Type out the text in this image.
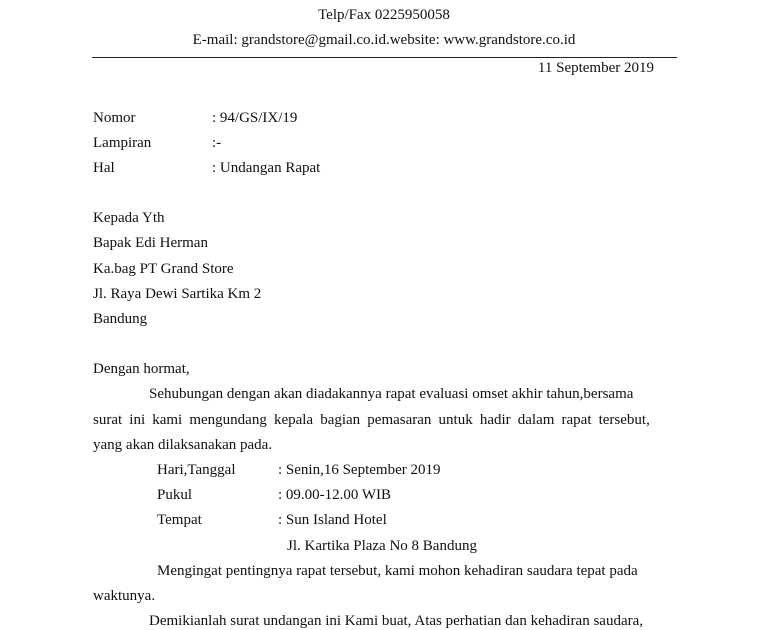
Telp/Fax 0225950058
E-mail: grandstore@gmail.co.id.website: www.grandstore.co.id
11 September 2019
Nomor	: 94/GS/IX/19
Lampiran	:-
Hal	: Undangan Rapat
Kepada Yth
Bapak Edi Herman
Ka.bag PT Grand Store
Jl. Raya Dewi Sartika Km 2
Bandung
Dengan hormat,
Sehubungan dengan akan diadakannya rapat evaluasi omset akhir tahun,bersama
surat ini kami mengundang kepala bagian pemasaran untuk hadir dalam rapat tersebut,
yang akan dilaksanakan pada.
Hari,Tanggal	: Senin,16 September 2019
Pukul	: 09.00-12.00 WIB
Tempat	: Sun Island Hotel
Jl. Kartika Plaza No 8 Bandung
Mengingat pentingnya rapat tersebut, kami mohon kehadiran saudara tepat pada
waktunya.
Demikianlah surat undangan ini Kami buat, Atas perhatian dan kehadiran saudara,
